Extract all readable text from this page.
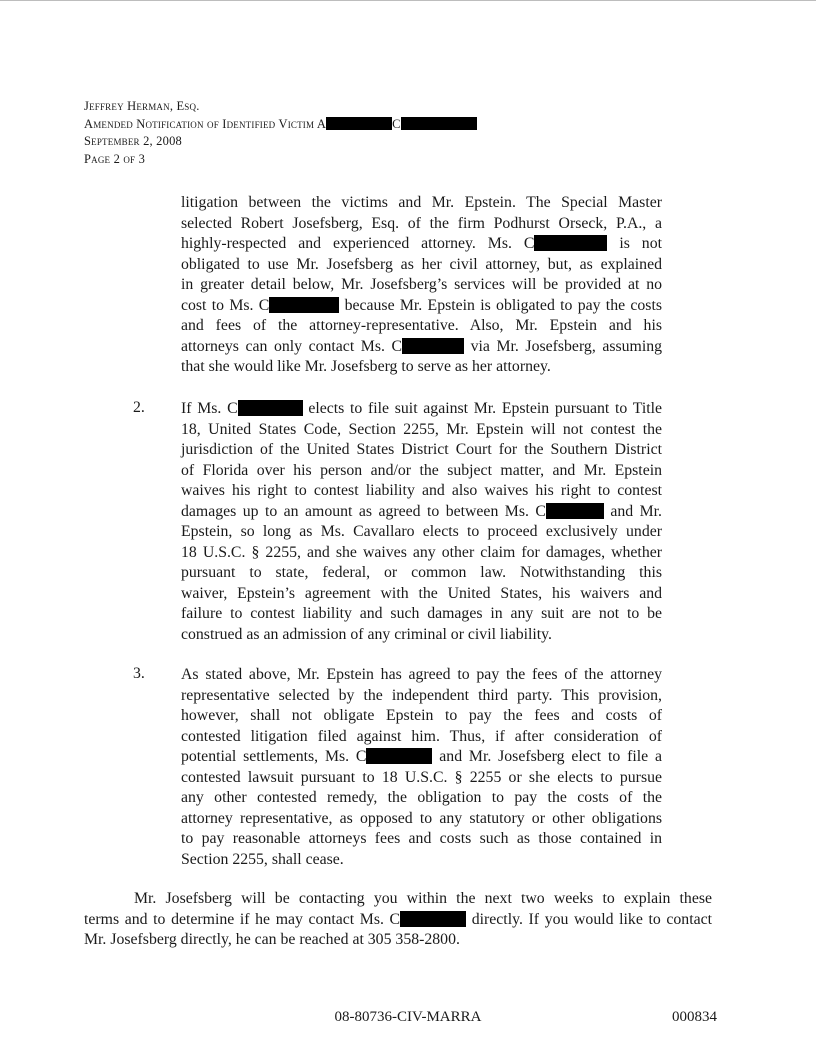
Jeffrey Herman, Esq.
Amended Notification of Identified Victim A	C
September 2, 2008
Page 2 of 3
litigation between the victims and Mr. Epstein. The Special Master
selected Robert Josefsberg, Esq. of the firm Podhurst Orseck, P.A., a
highly-respected and experienced attorney. Ms. C	is not
obligated to use Mr. Josefsberg as her civil attorney, but, as explained
in greater detail below, Mr. Josefsberg’s services will be provided at no
cost to Ms. C	because Mr. Epstein is obligated to pay the costs
and fees of the attorney-representative. Also, Mr. Epstein and his
attorneys can only contact Ms. C	via Mr. Josefsberg, assuming
that she would like Mr. Josefsberg to serve as her attorney.
2. If Ms. C	elects to file suit against Mr. Epstein pursuant to Title
18, United States Code, Section 2255, Mr. Epstein will not contest the
jurisdiction of the United States District Court for the Southern District
of Florida over his person and/or the subject matter, and Mr. Epstein
waives his right to contest liability and also waives his right to contest
damages up to an amount as agreed to between Ms. C	and Mr.
Epstein, so long as Ms. Cavallaro elects to proceed exclusively under
18 U.S.C. § 2255, and she waives any other claim for damages, whether
pursuant to state, federal, or common law. Notwithstanding this
waiver, Epstein’s agreement with the United States, his waivers and
failure to contest liability and such damages in any suit are not to be
construed as an admission of any criminal or civil liability.
3. As stated above, Mr. Epstein has agreed to pay the fees of the attorney
representative selected by the independent third party. This provision,
however, shall not obligate Epstein to pay the fees and costs of
contested litigation filed against him. Thus, if after consideration of
potential settlements, Ms. C	and Mr. Josefsberg elect to file a
contested lawsuit pursuant to 18 U.S.C. § 2255 or she elects to pursue
any other contested remedy, the obligation to pay the costs of the
attorney representative, as opposed to any statutory or other obligations
to pay reasonable attorneys fees and costs such as those contained in
Section 2255, shall cease.
Mr. Josefsberg will be contacting you within the next two weeks to explain these
terms and to determine if he may contact Ms. C	directly. If you would like to contact
Mr. Josefsberg directly, he can be reached at 305 358-2800.
08-80736-CIV-MARRA	000834
